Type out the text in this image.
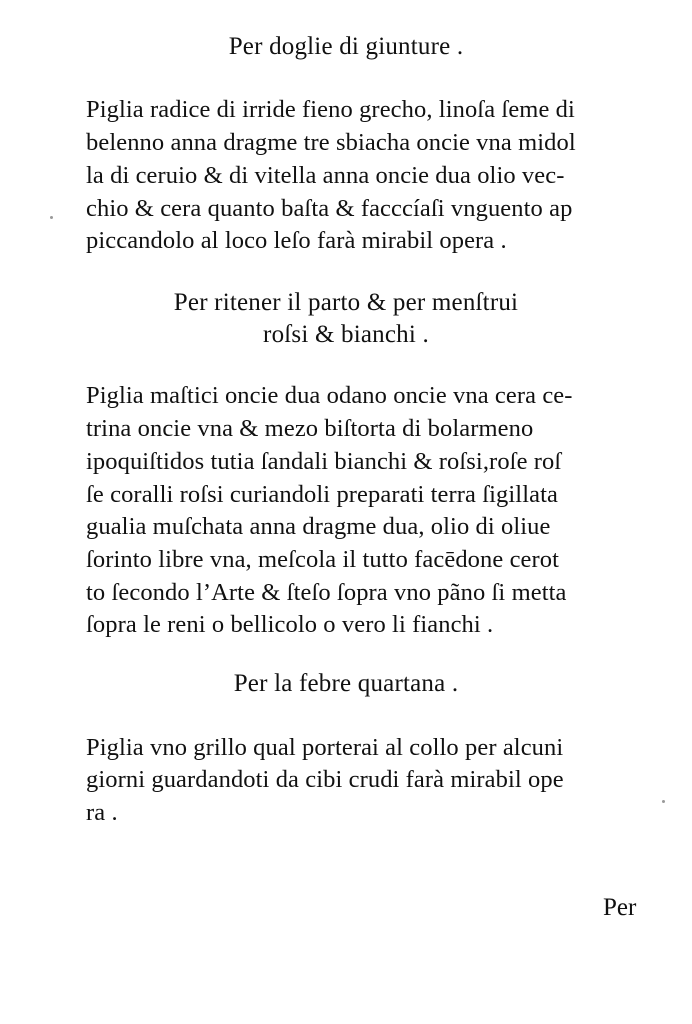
Per doglie di giunture .
Piglia radice di irride fieno grecho, linoſa ſeme di
belenno anna dragme tre sbiacha oncie vna midol
la di ceruio & di vitella anna oncie dua olio vec-
chio & cera quanto baſta & facccíaſi vnguento ap
piccandolo al loco leſo farà mirabil opera .
Per ritener il parto & per menſtrui
roſsi & bianchi .
Piglia maſtici oncie dua odano oncie vna cera ce-
trina oncie vna & mezo biſtorta di bolarmeno
ipoquiſtidos tutia ſandali bianchi & roſsi,roſe roſ
ſe coralli roſsi curiandoli preparati terra ſigillata
gualia muſchata anna dragme dua, olio di oliue
ſorinto libre vna, meſcola il tutto facēdone cerot
to ſecondo l’Arte & ſteſo ſopra vno pãno ſi metta
ſopra le reni o bellicolo o vero li fianchi .
Per la febre quartana .
Piglia vno grillo qual porterai al collo per alcuni
giorni guardandoti da cibi crudi farà mirabil ope
ra .
Per
